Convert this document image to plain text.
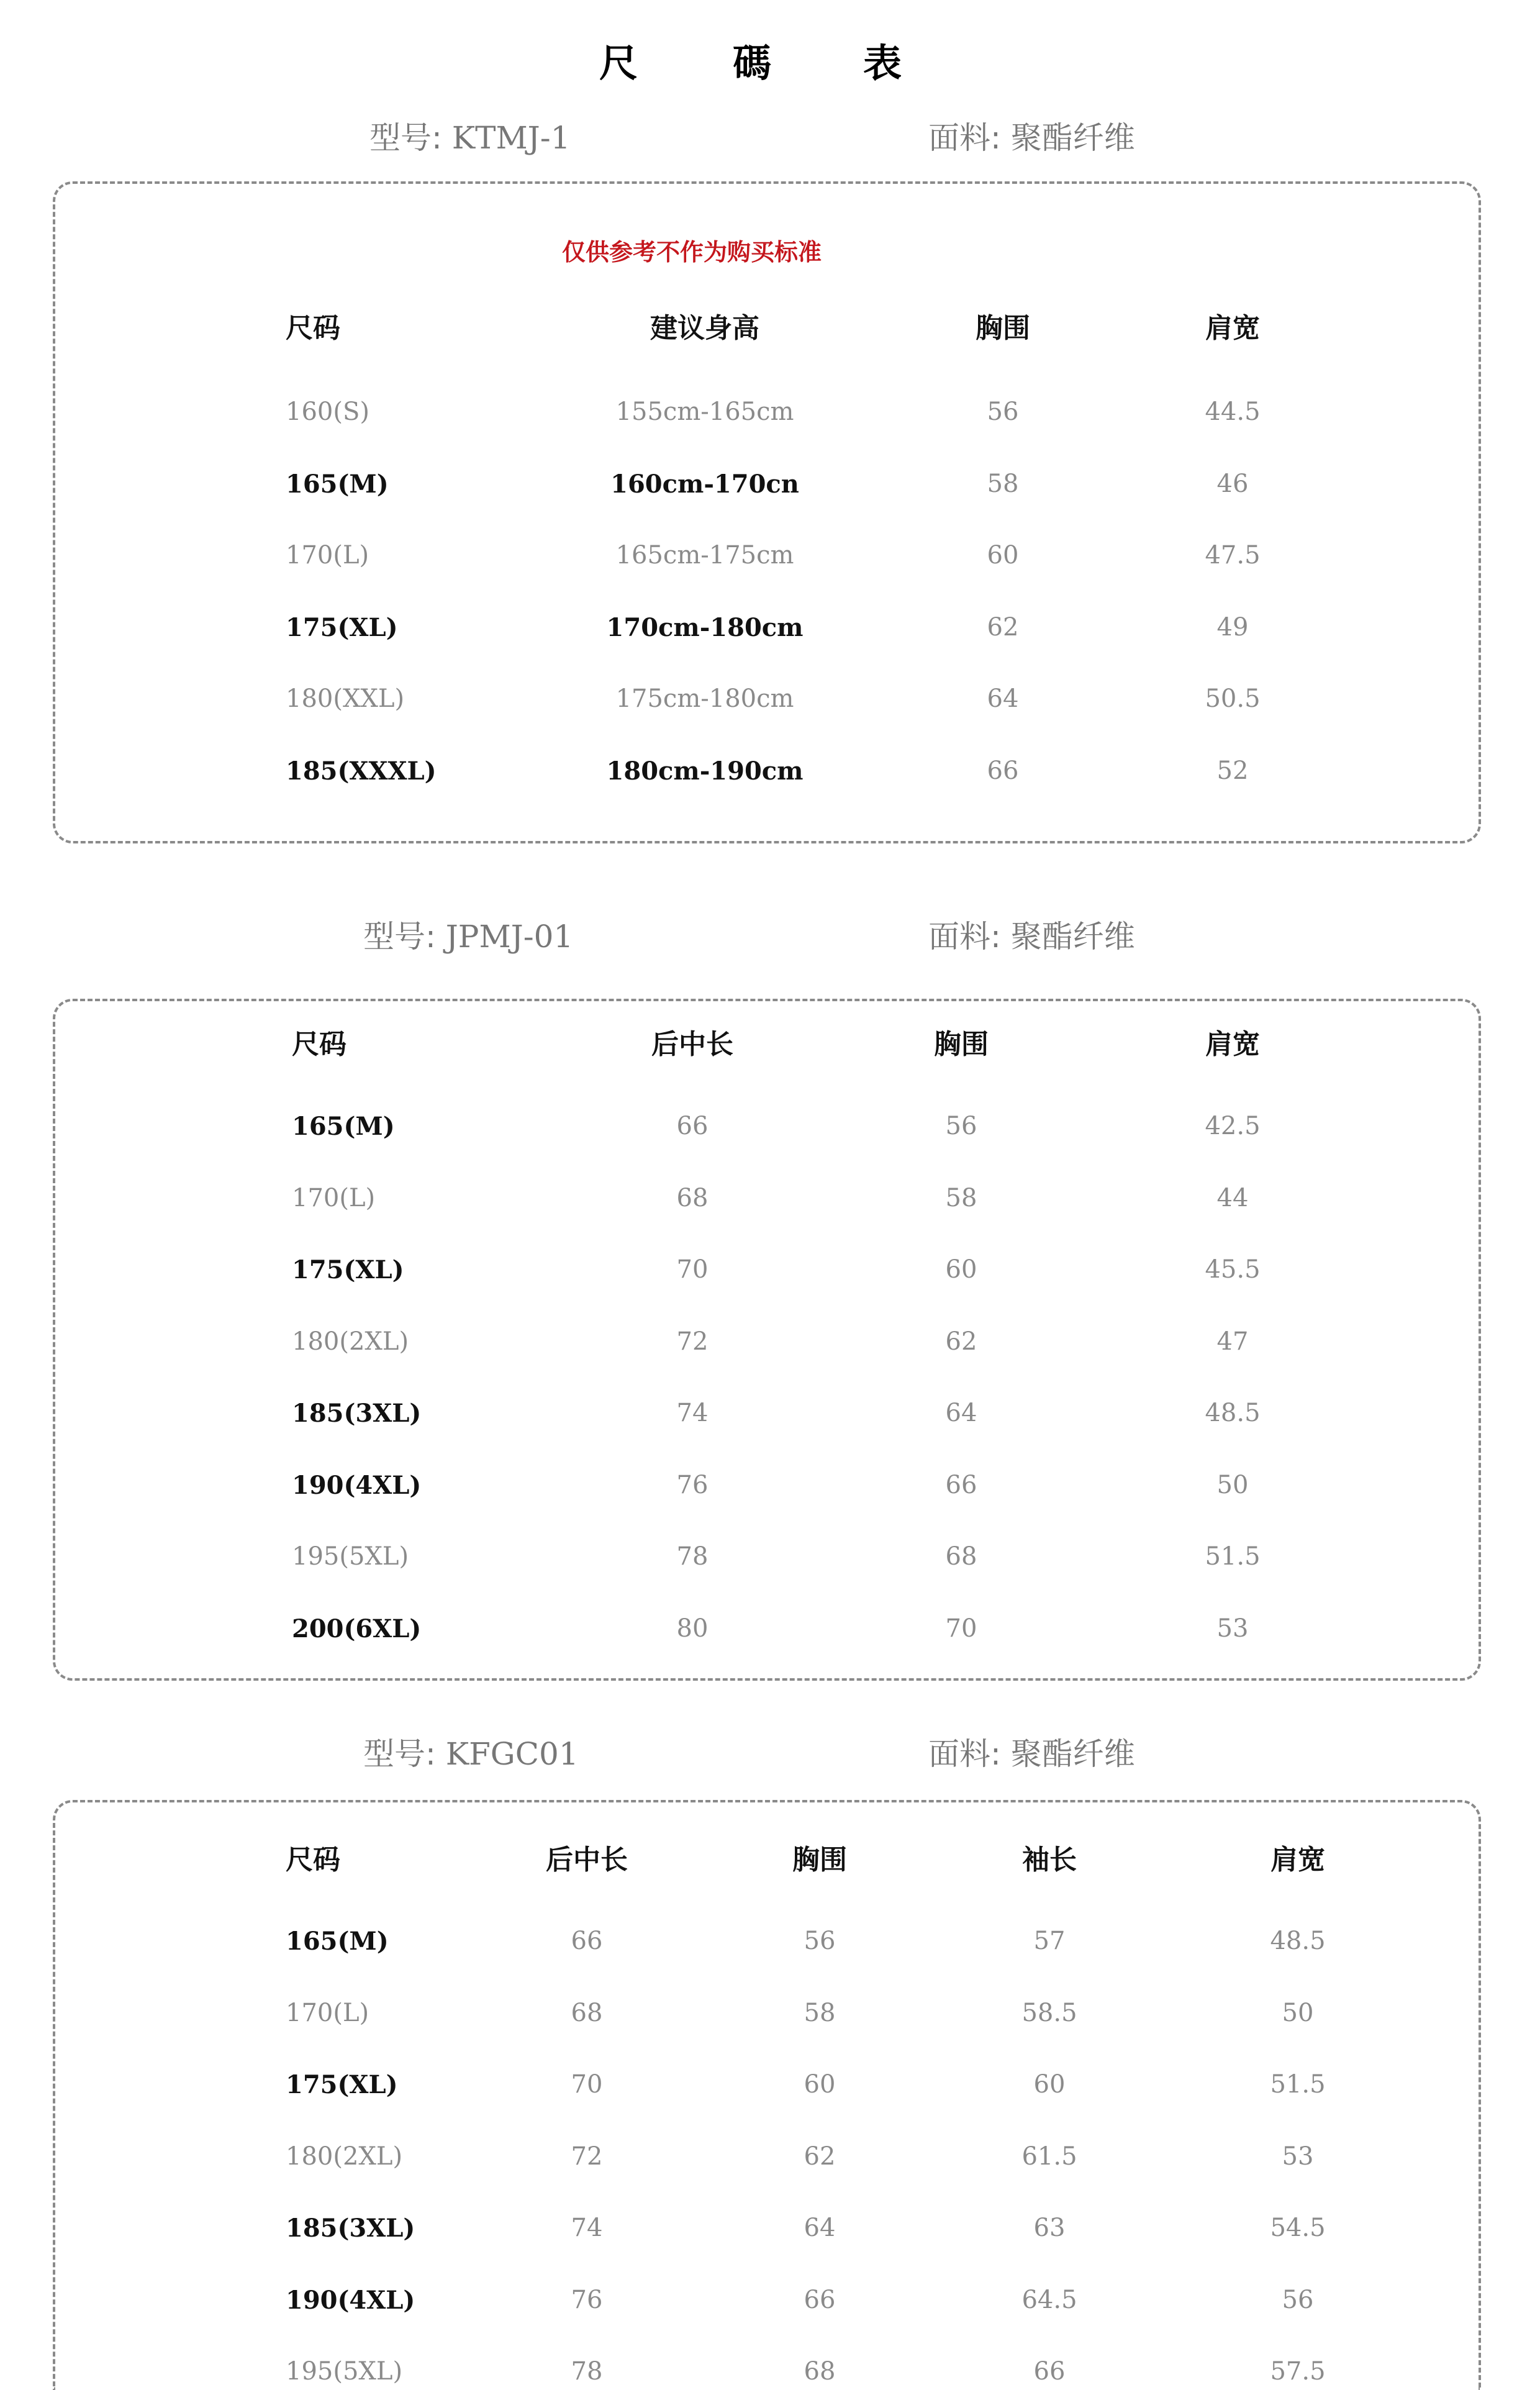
尺 碼 表
型号: KTMJ-1	面料: 聚酯纤维
型号: JPMJ-01	面料: 聚酯纤维
型号: KFGC01	面料: 聚酯纤维
仅供参考不作为购买标准
尺码	建议身高	胸围	肩宽
160(S)	155cm-165cm	56	44.5
165(M)	160cm-170cn	58	46
170(L)	165cm-175cm	60	47.5
175(XL)	170cm-180cm	62	49
180(XXL)	175cm-180cm	64	50.5
185(XXXL)	180cm-190cm	66	52
尺码	后中长	胸围	肩宽
165(M)	66	56	42.5
170(L)	68	58	44
175(XL)	70	60	45.5
180(2XL)	72	62	47
185(3XL)	74	64	48.5
190(4XL)	76	66	50
195(5XL)	78	68	51.5
200(6XL)	80	70	53
尺码	后中长	胸围	袖长	肩宽
165(M)	66	56	57	48.5
170(L)	68	58	58.5	50
175(XL)	70	60	60	51.5
180(2XL)	72	62	61.5	53
185(3XL)	74	64	63	54.5
190(4XL)	76	66	64.5	56
195(5XL)	78	68	66	57.5
